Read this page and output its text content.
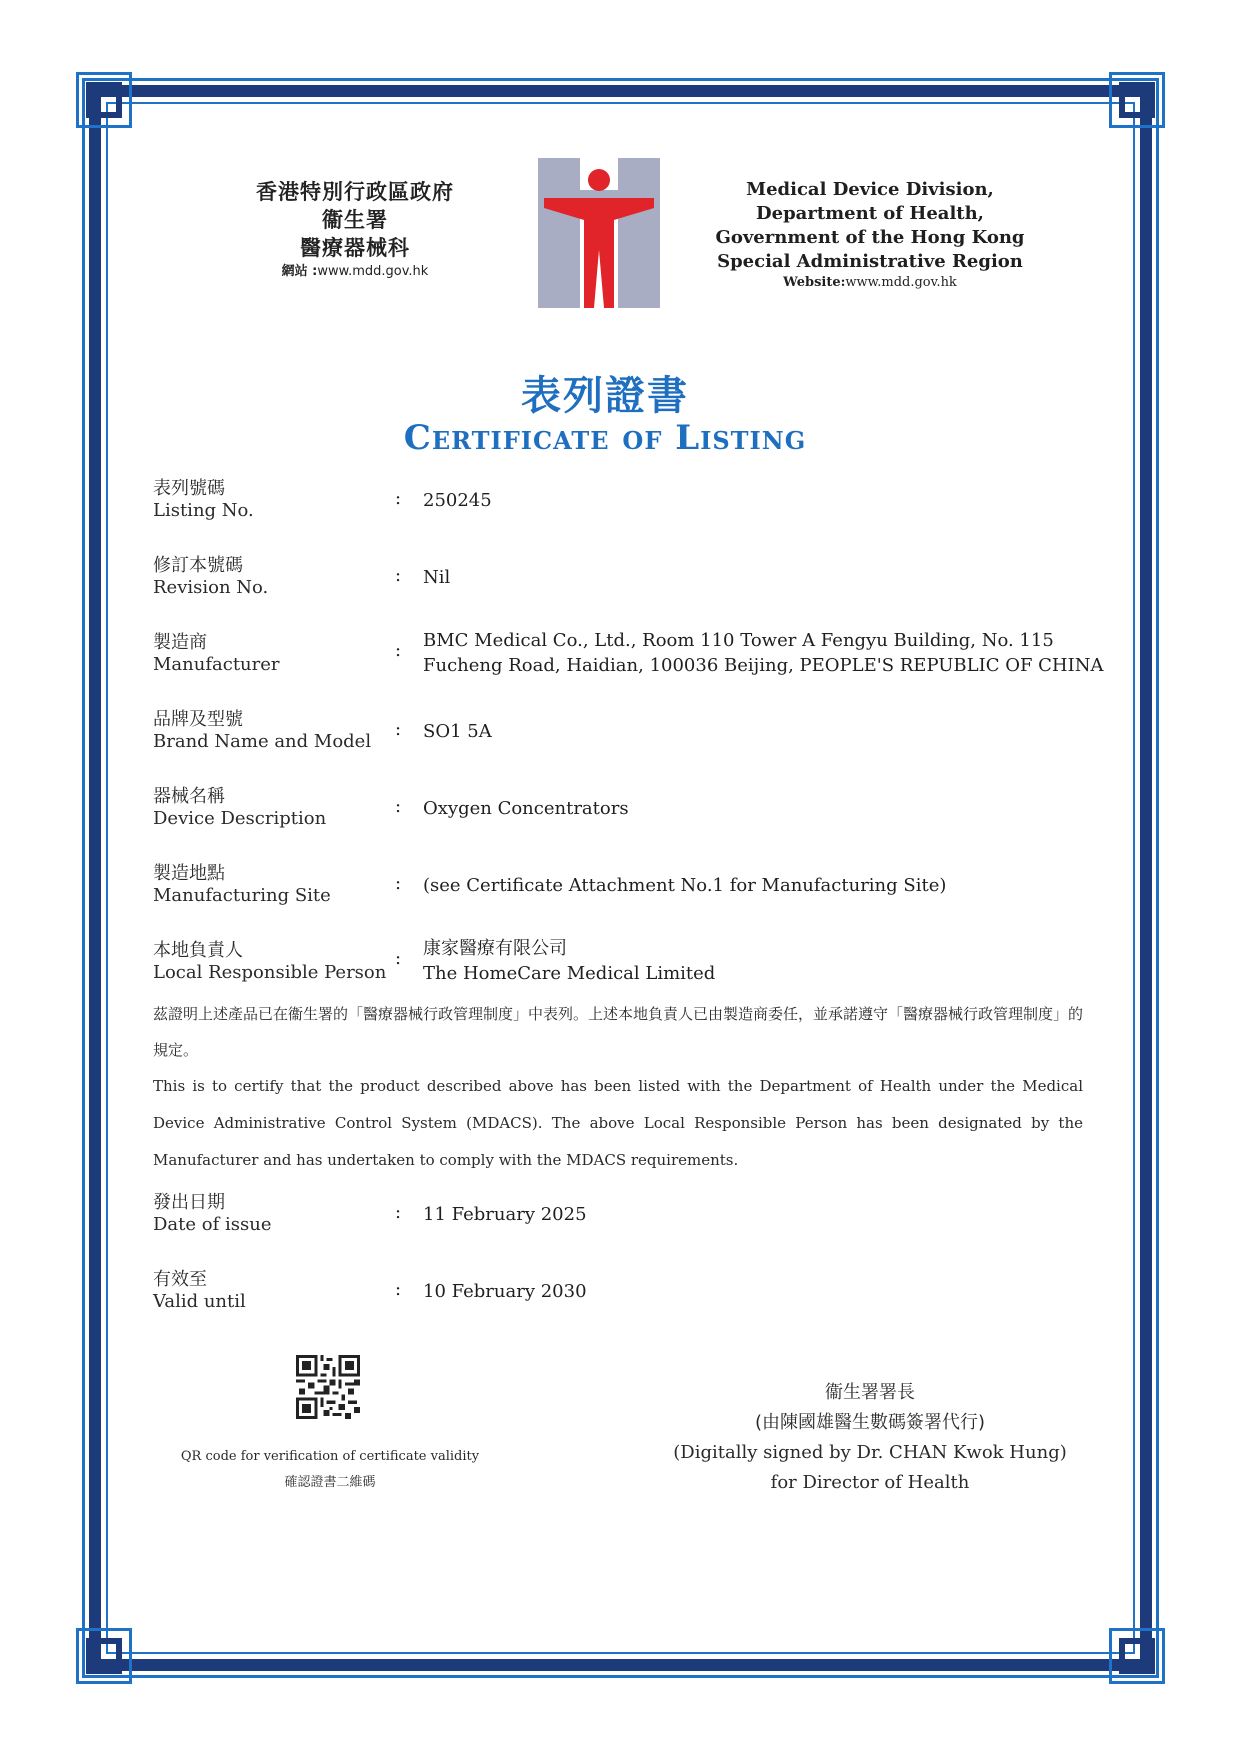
香港特別行政區政府
衞生署
醫療器械科
網站 :www.mdd.gov.hk
Medical Device Division,
Department of Health,
Government of the Hong Kong
Special Administrative Region
Website:www.mdd.gov.hk
表列證書
Certificate of Listing
表列號碼
Listing No.
: 250245
修訂本號碼
Revision No.
: Nil
製造商
Manufacturer
: BMC Medical Co., Ltd., Room 110 Tower A Fengyu Building, No. 115
Fucheng Road, Haidian, 100036 Beijing, PEOPLE'S REPUBLIC OF CHINA
品牌及型號
Brand Name and Model
: SO1 5A
器械名稱
Device Description
: Oxygen Concentrators
製造地點
Manufacturing Site
: (see Certificate Attachment No.1 for Manufacturing Site)
本地負責人
Local Responsible Person
: 康家醫療有限公司
The HomeCare Medical Limited
茲證明上述產品已在衞生署的「醫療器械行政管理制度」中表列。上述本地負責人已由製造商委任，並承諾遵守「醫療器械行政管理制度」的規定。
This is to certify that the product described above has been listed with the Department of Health under the Medical Device Administrative Control System (MDACS). The above Local Responsible Person has been designated by the Manufacturer and has undertaken to comply with the MDACS requirements.
發出日期
Date of issue
: 11 February 2025
有效至
Valid until
: 10 February 2030
QR code for verification of certificate validity
確認證書二維碼
衞生署署長
(由陳國雄醫生數碼簽署代行)
(Digitally signed by Dr. CHAN Kwok Hung)
for Director of Health
